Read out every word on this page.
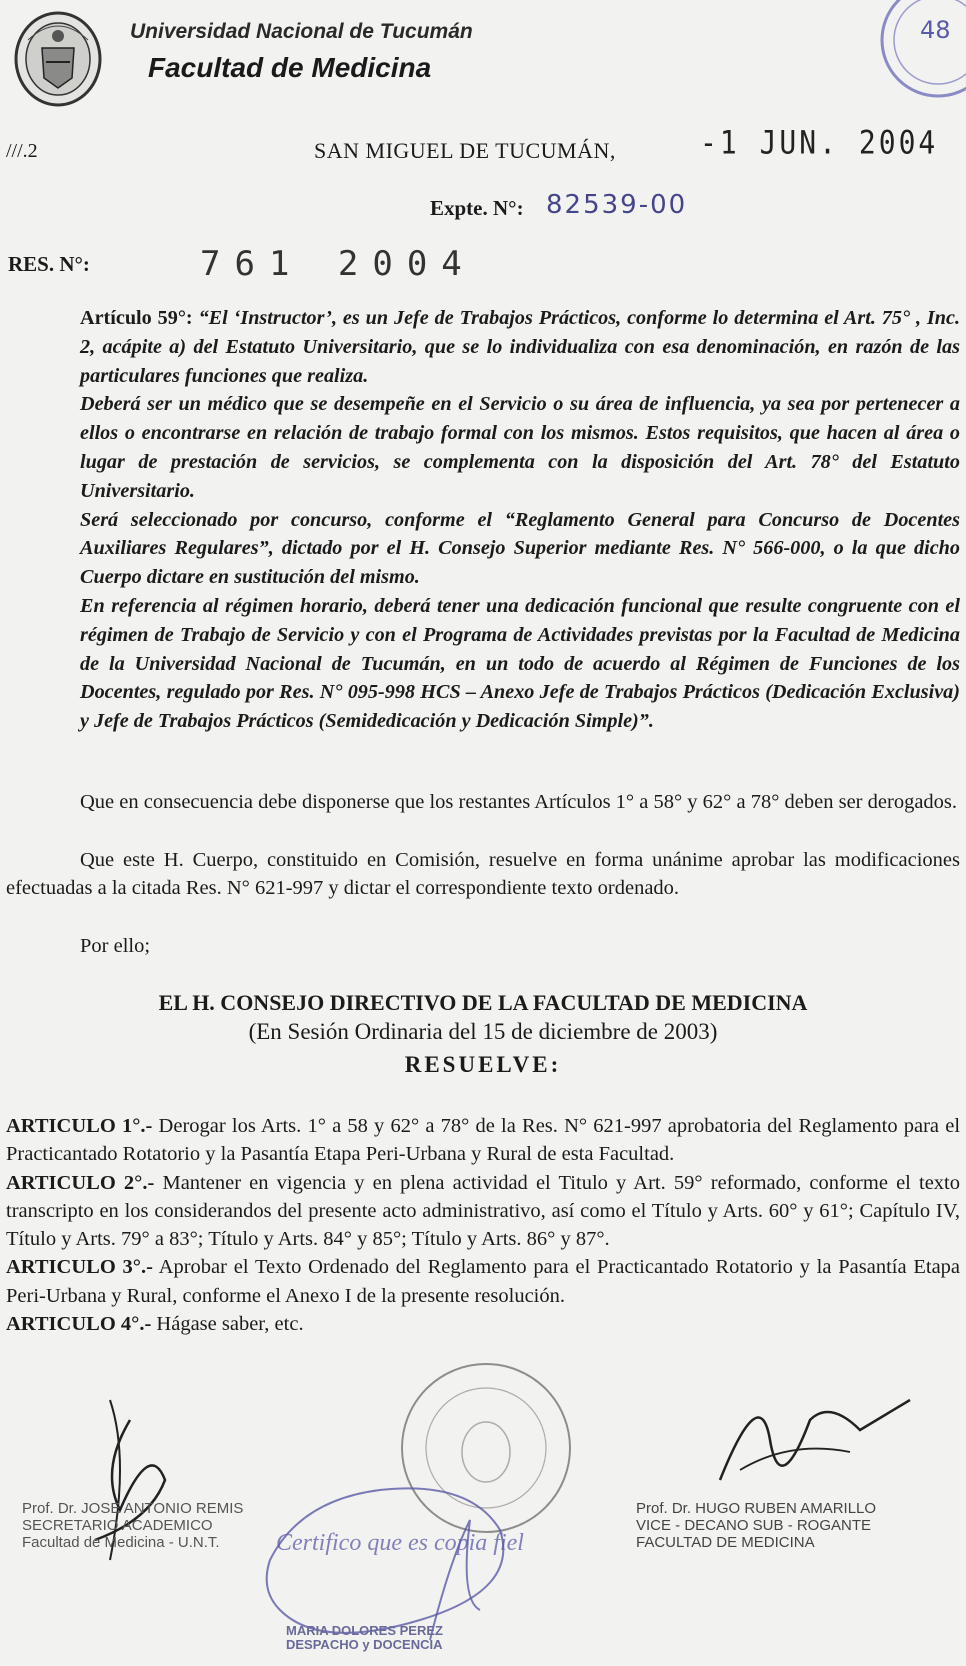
Universidad Nacional de Tucumán
Facultad de Medicina
48
///.2	SAN MIGUEL DE TUCUMÁN,	-1 JUN. 2004
Expte. N°: 82539-00
RES. N°:	761 2004

Artículo 59°: “El ‘Instructor’, es un Jefe de Trabajos Prácticos, conforme lo determina el Art. 75° , Inc. 2, acápite a) del Estatuto Universitario, que se lo individualiza con esa denominación, en razón de las particulares funciones que realiza.

Deberá ser un médico que se desempeñe en el Servicio o su área de influencia, ya sea por pertenecer a ellos o encontrarse en relación de trabajo formal con los mismos. Estos requisitos, que hacen al área o lugar de prestación de servicios, se complementa con la disposición del Art. 78° del Estatuto Universitario.

Será seleccionado por concurso, conforme el “Reglamento General para Concurso de Docentes Auxiliares Regulares”, dictado por el H. Consejo Superior mediante Res. N° 566-000, o la que dicho Cuerpo dictare en sustitución del mismo.

En referencia al régimen horario, deberá tener una dedicación funcional que resulte congruente con el régimen de Trabajo de Servicio y con el Programa de Actividades previstas por la Facultad de Medicina de la Universidad Nacional de Tucumán, en un todo de acuerdo al Régimen de Funciones de los Docentes, regulado por Res. N° 095-998 HCS – Anexo Jefe de Trabajos Prácticos (Dedicación Exclusiva) y Jefe de Trabajos Prácticos (Semidedicación y Dedicación Simple)”.

Que en consecuencia debe disponerse que los restantes Artículos 1° a 58° y 62° a 78° deben ser derogados.

Que este H. Cuerpo, constituido en Comisión, resuelve en forma unánime aprobar las modificaciones efectuadas a la citada Res. N° 621-997 y dictar el correspondiente texto ordenado.

Por ello;

EL H. CONSEJO DIRECTIVO DE LA FACULTAD DE MEDICINA
(En Sesión Ordinaria del 15 de diciembre de 2003)
RESUELVE:

ARTICULO 1°.- Derogar los Arts. 1° a 58 y 62° a 78° de la Res. N° 621-997 aprobatoria del Reglamento para el Practicantado Rotatorio y la Pasantía Etapa Peri-Urbana y Rural de esta Facultad.

ARTICULO 2°.- Mantener en vigencia y en plena actividad el Titulo y Art. 59° reformado, conforme el texto transcripto en los considerandos del presente acto administrativo, así como el Título y Arts. 60° y 61°; Capítulo IV, Título y Arts. 79° a 83°; Título y Arts. 84° y 85°; Título y Arts. 86° y 87°.

ARTICULO 3°.- Aprobar el Texto Ordenado del Reglamento para el Practicantado Rotatorio y la Pasantía Etapa Peri-Urbana y Rural, conforme el Anexo I de la presente resolución.

ARTICULO 4°.- Hágase saber, etc.

Prof. Dr. JOSE ANTONIO REMIS
SECRETARIO ACADEMICO
Facultad de Medicina - U.N.T.
Prof. Dr. HUGO RUBEN AMARILLO
VICE - DECANO SUB - ROGANTE
FACULTAD DE MEDICINA
Certifico que es copia fiel
MARIA DOLORES PEREZ
DESPACHO y DOCENCIA
